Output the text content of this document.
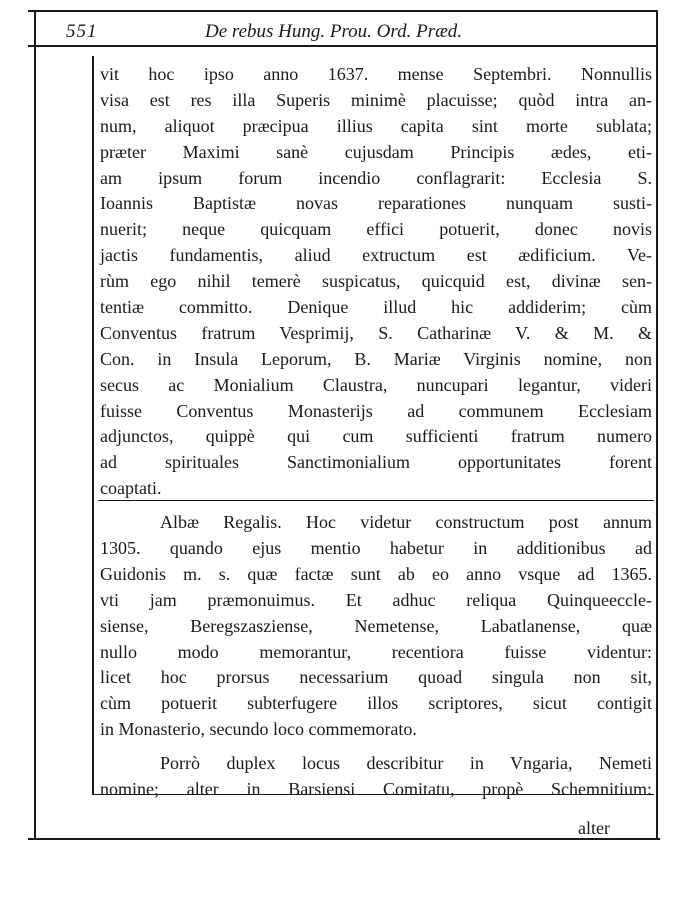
551	De rebus Hung. Prou. Ord. Præd.
vit hoc ipso anno 1637. mense Septembri. Nonnullis
visa est res illa Superis minimè placuisse; quòd intra an-
num, aliquot præcipua illius capita sint morte sublata;
præter Maximi sanè cujusdam Principis ædes, eti-
am ipsum forum incendio conflagrarit: Ecclesia S.
Ioannis Baptistæ novas reparationes nunquam susti-
nuerit; neque quicquam effici potuerit, donec novis
jactis fundamentis, aliud extructum est ædificium. Ve-
rùm ego nihil temerè suspicatus, quicquid est, divinæ sen-
tentiæ committo. Denique illud hic addiderim; cùm
Conventus fratrum Vesprimij, S. Catharinæ V. & M. &
Con. in Insula Leporum, B. Mariæ Virginis nomine, non
secus ac Monialium Claustra, nuncupari legantur, videri
fuisse Conventus Monasterijs ad communem Ecclesiam
adjunctos, quippè qui cum sufficienti fratrum numero
ad spirituales Sanctimonialium opportunitates forent
coaptati.
Albæ Regalis. Hoc videtur constructum post annum
1305. quando ejus mentio habetur in additionibus ad
Guidonis m. s. quæ factæ sunt ab eo anno vsque ad 1365.
vti jam præmonuimus. Et adhuc reliqua Quinqueeccle-
siense, Beregszasziense, Nemetense, Labatlanense, quæ
nullo modo memorantur, recentiora fuisse videntur:
licet hoc prorsus necessarium quoad singula non sit,
cùm potuerit subterfugere illos scriptores, sicut contigit
in Monasterio, secundo loco commemorato.
Porrò duplex locus describitur in Vngaria, Nemeti
nomine; alter in Barsiensi Comitatu, propè Schemnitium:
alter
